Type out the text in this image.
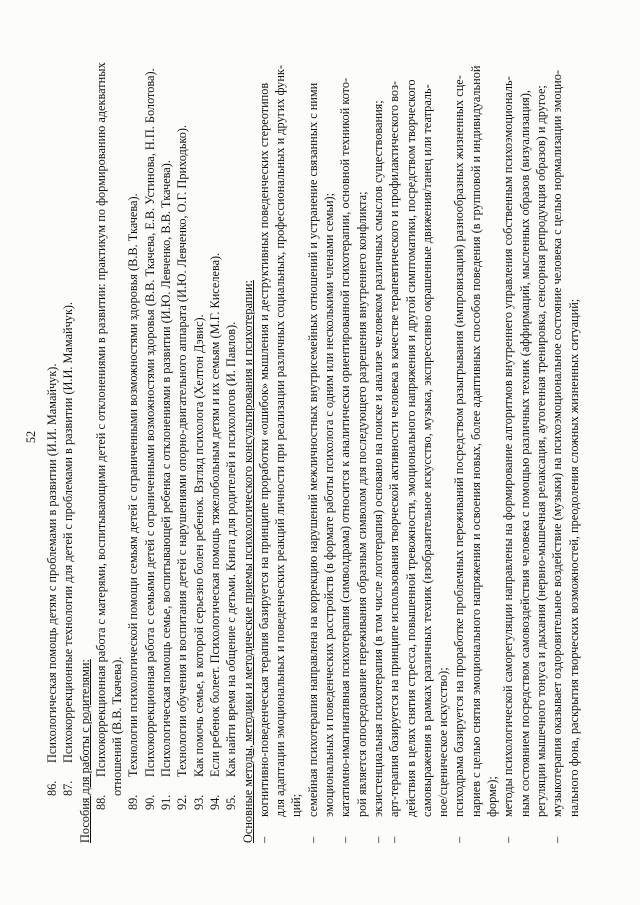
52
86.Психологическая помощь детям с проблемами в развитии (И.И. Мамайчук).
87.Психокоррекционные технологии для детей с проблемами в развитии (И.И. Мамайчук). Пособия для работы с родителями: 88.Психокоррекционная работа с матерями, воспитывающими детей с отклонениями в развитии: практикум по формированию адекватных отношений (В.В. Ткачева).
89.Технологии психологической помощи семьям детей с ограниченными возможностями здоровья (В.В. Ткачева).
90.Психокоррекционная работа с семьями детей с ограниченными возможностями здоровья (В.В. Ткачева, Е.В. Устинова, Н.П. Болотова).
91.Психологическая помощь семье, воспитывающей ребенка с отклонениями в развитии (И.Ю. Левченко, В.В. Ткачева).
92.Технологии обучения и воспитания детей с нарушениями опорно-двигательного аппарата (И.Ю. Левченко, О.Г. Приходько).
93.Как помочь семье, в которой серьезно болен ребенок. Взгляд психолога (Хелтон Дэвис).
94.Если ребенок болеет. Психологическая помощь тяжелобольным детям и их семьям (М.Г. Киселева).
95.Как найти время на общение с детьми. Книга для родителей и психологов (И. Павлов). Основные методы, методики и методические приемы психологического консультирования и психотерапии: –когнитивно-поведенческая терапия базируется на принципе проработки «ошибок» мышления и деструктивных поведенческих стереотипов для адаптации эмоциональных и поведенческих реакций личности при реализации различных социальных, профессиональных и других функ- ций;
–семейная психотерапия направлена на коррекцию нарушений межличностных внутрисемейных отношений и устранение связанных с ними эмоциональных и поведенческих расстройств (в формате работы психолога с одним или несколькими членами семьи);
–кататимно-имагинативная психотерапия (символдрама) относится к аналитически ориентированной психотерапии, основной техникой кото- рой является опосредование переживания образным символом для последующего разрешения внутреннего конфликта;
–экзистенциальная психотерапия (в том числе логотерапия) основано на поиске и анализе человеком различных смыслов существования;
–арт-терапия базируется на принципе использования творческой активности человека в качестве терапевтического и профилактического воз- действия в целях снятия стресса, повышенной тревожности, эмоционального напряжения и другой симптоматики, посредством творческого самовыражения в рамках различных техник (изобразительное искусство, музыка, экспрессивно окрашенные движения/танец или театраль- ное/сценическое искусство);
–психодрама базируется на проработке проблемных переживаний посредством разыгрывания (импровизация) разнообразных жизненных сце- нариев с целью снятия эмоционального напряжения и освоения новых, более адаптивных способов поведения (в групповой и индивидуальной форме);
–методы психологической саморегуляции направлены на формирование алгоритмов внутреннего управления собственным психоэмоциональ- ным состоянием посредством самовоздействия человека с помощью различных техник (аффирмаций, мысленных образов (визуализация), регуляции мышечного тонуса и дыхания (нервно-мышечная релаксация, аутогенная тренировка, сенсорная репродукция образов) и другое;
–музыкотерапия оказывает оздоровительное воздействие (музыки) на психоэмоциональное состояние человека с целью нормализации эмоцио- нального фона, раскрытия творческих возможностей, преодоления сложных жизненных ситуаций;
